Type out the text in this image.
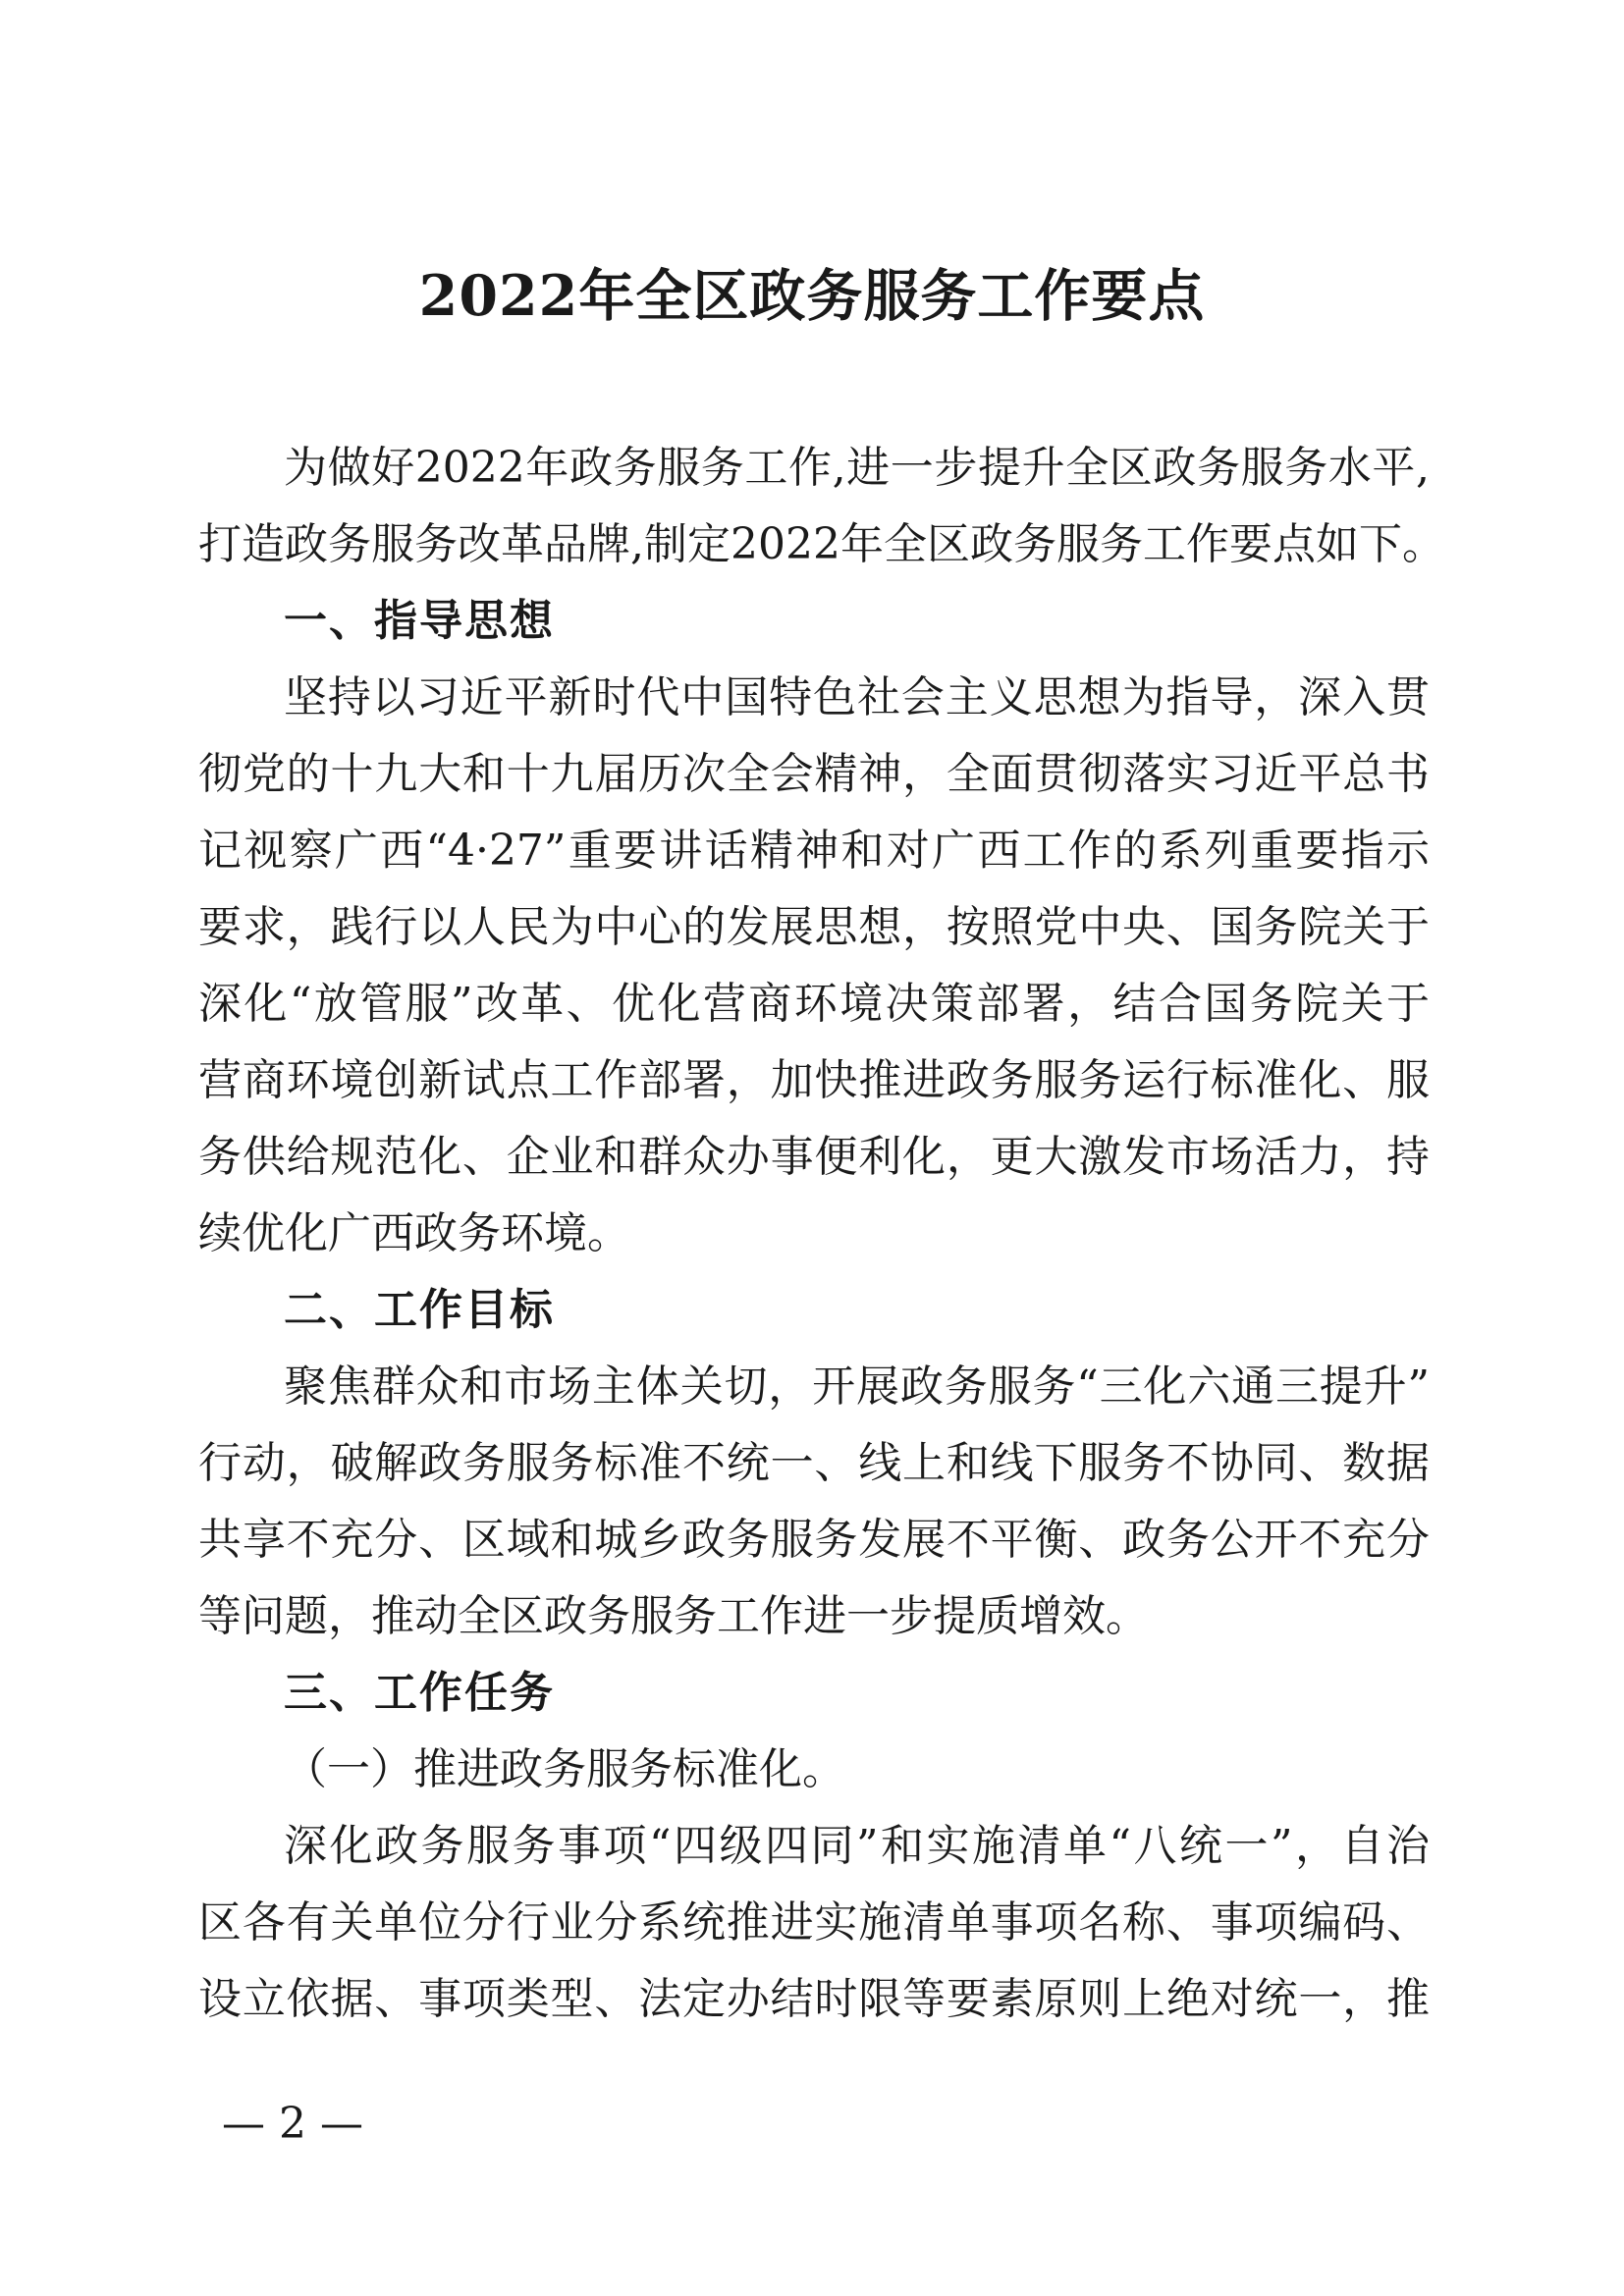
2022年全区政务服务工作要点
为做好2022年政务服务工作,进一步提升全区政务服务水平,
打造政务服务改革品牌,制定2022年全区政务服务工作要点如下。
一、指导思想
坚持以习近平新时代中国特色社会主义思想为指导，深入贯
彻党的十九大和十九届历次全会精神，全面贯彻落实习近平总书
记视察广西“4·27”重要讲话精神和对广西工作的系列重要指示
要求，践行以人民为中心的发展思想，按照党中央、国务院关于
深化“放管服”改革、优化营商环境决策部署，结合国务院关于
营商环境创新试点工作部署，加快推进政务服务运行标准化、服
务供给规范化、企业和群众办事便利化，更大激发市场活力，持
续优化广西政务环境。
二、工作目标
聚焦群众和市场主体关切，开展政务服务“三化六通三提升”
行动，破解政务服务标准不统一、线上和线下服务不协同、数据
共享不充分、区域和城乡政务服务发展不平衡、政务公开不充分
等问题，推动全区政务服务工作进一步提质增效。
三、工作任务
（一）推进政务服务标准化。
深化政务服务事项“四级四同”和实施清单“八统一”，自治
区各有关单位分行业分系统推进实施清单事项名称、事项编码、
设立依据、事项类型、法定办结时限等要素原则上绝对统一，推
— 2 —
